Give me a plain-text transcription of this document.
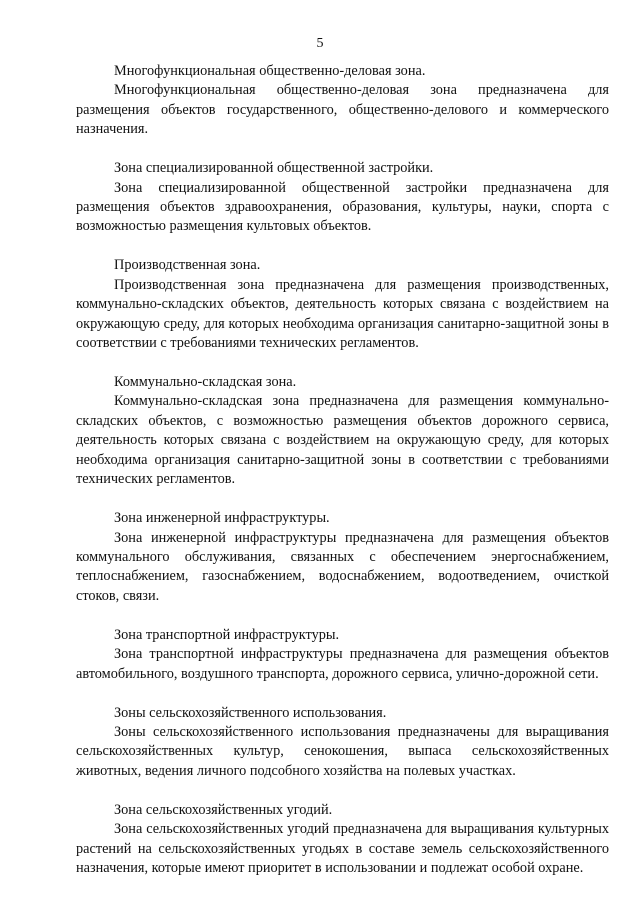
5

Многофункциональная общественно-деловая зона.

Многофункциональная общественно-деловая зона предназначена для размещения объектов государственного, общественно-делового и коммерческого назначения.

Зона специализированной общественной застройки.

Зона специализированной общественной застройки предназначена для размещения объектов здравоохранения, образования, культуры, науки, спорта с возможностью размещения культовых объектов.

Производственная зона.

Производственная зона предназначена для размещения производственных, коммунально-складских объектов, деятельность которых связана с воздействием на окружающую среду, для которых необходима организация санитарно-защитной зоны в соответствии с требованиями технических регламентов.

Коммунально-складская зона.

Коммунально-складская зона предназначена для размещения коммунально-складских объектов, с возможностью размещения объектов дорожного сервиса, деятельность которых связана с воздействием на окружающую среду, для которых необходима организация санитарно-защитной зоны в соответствии с требованиями технических регламентов.

Зона инженерной инфраструктуры.

Зона инженерной инфраструктуры предназначена для размещения объектов коммунального обслуживания, связанных с обеспечением энергоснабжением, теплоснабжением, газоснабжением, водоснабжением, водоотведением, очисткой стоков, связи.

Зона транспортной инфраструктуры.

Зона транспортной инфраструктуры предназначена для размещения объектов автомобильного, воздушного транспорта, дорожного сервиса, улично-дорожной сети.

Зоны сельскохозяйственного использования.

Зоны сельскохозяйственного использования предназначены для выращивания сельскохозяйственных культур, сенокошения, выпаса сельскохозяйственных животных, ведения личного подсобного хозяйства на полевых участках.

Зона сельскохозяйственных угодий.

Зона сельскохозяйственных угодий предназначена для выращивания культурных растений на сельскохозяйственных угодьях в составе земель сельскохозяйственного назначения, которые имеют приоритет в использовании и подлежат особой охране.
